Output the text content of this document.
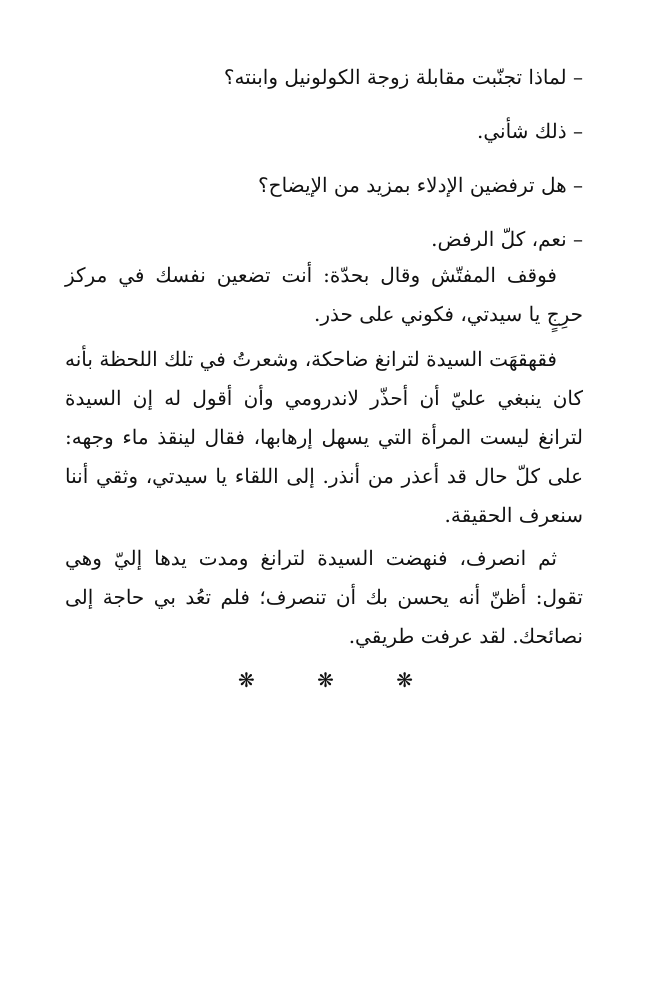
– لماذا تجنّبت مقابلة زوجة الكولونيل وابنته؟
– ذلك شأني.
– هل ترفضين الإدلاء بمزيد من الإيضاح؟
– نعم، كلّ الرفض.

فوقف المفتّش وقال بحدّة: أنت تضعين نفسك في مركز حرِجٍ يا سيدتي، فكوني على حذر.

فقهقهَت السيدة لترانغ ضاحكة، وشعرتُ في تلك اللحظة بأنه كان ينبغي عليّ أن أحذّر لاندرومي وأن أقول له إن السيدة لترانغ ليست المرأة التي يسهل إرهابها، فقال لينقذ ماء وجهه: على كلّ حال قد أعذر من أنذر. إلى اللقاء يا سيدتي، وثقي أننا سنعرف الحقيقة.

ثم انصرف، فنهضت السيدة لترانغ ومدت يدها إليّ وهي تقول: أظنّ أنه يحسن بك أن تنصرف؛ فلم تعُد بي حاجة إلى نصائحك. لقد عرفت طريقي.

❋ ❋ ❋
